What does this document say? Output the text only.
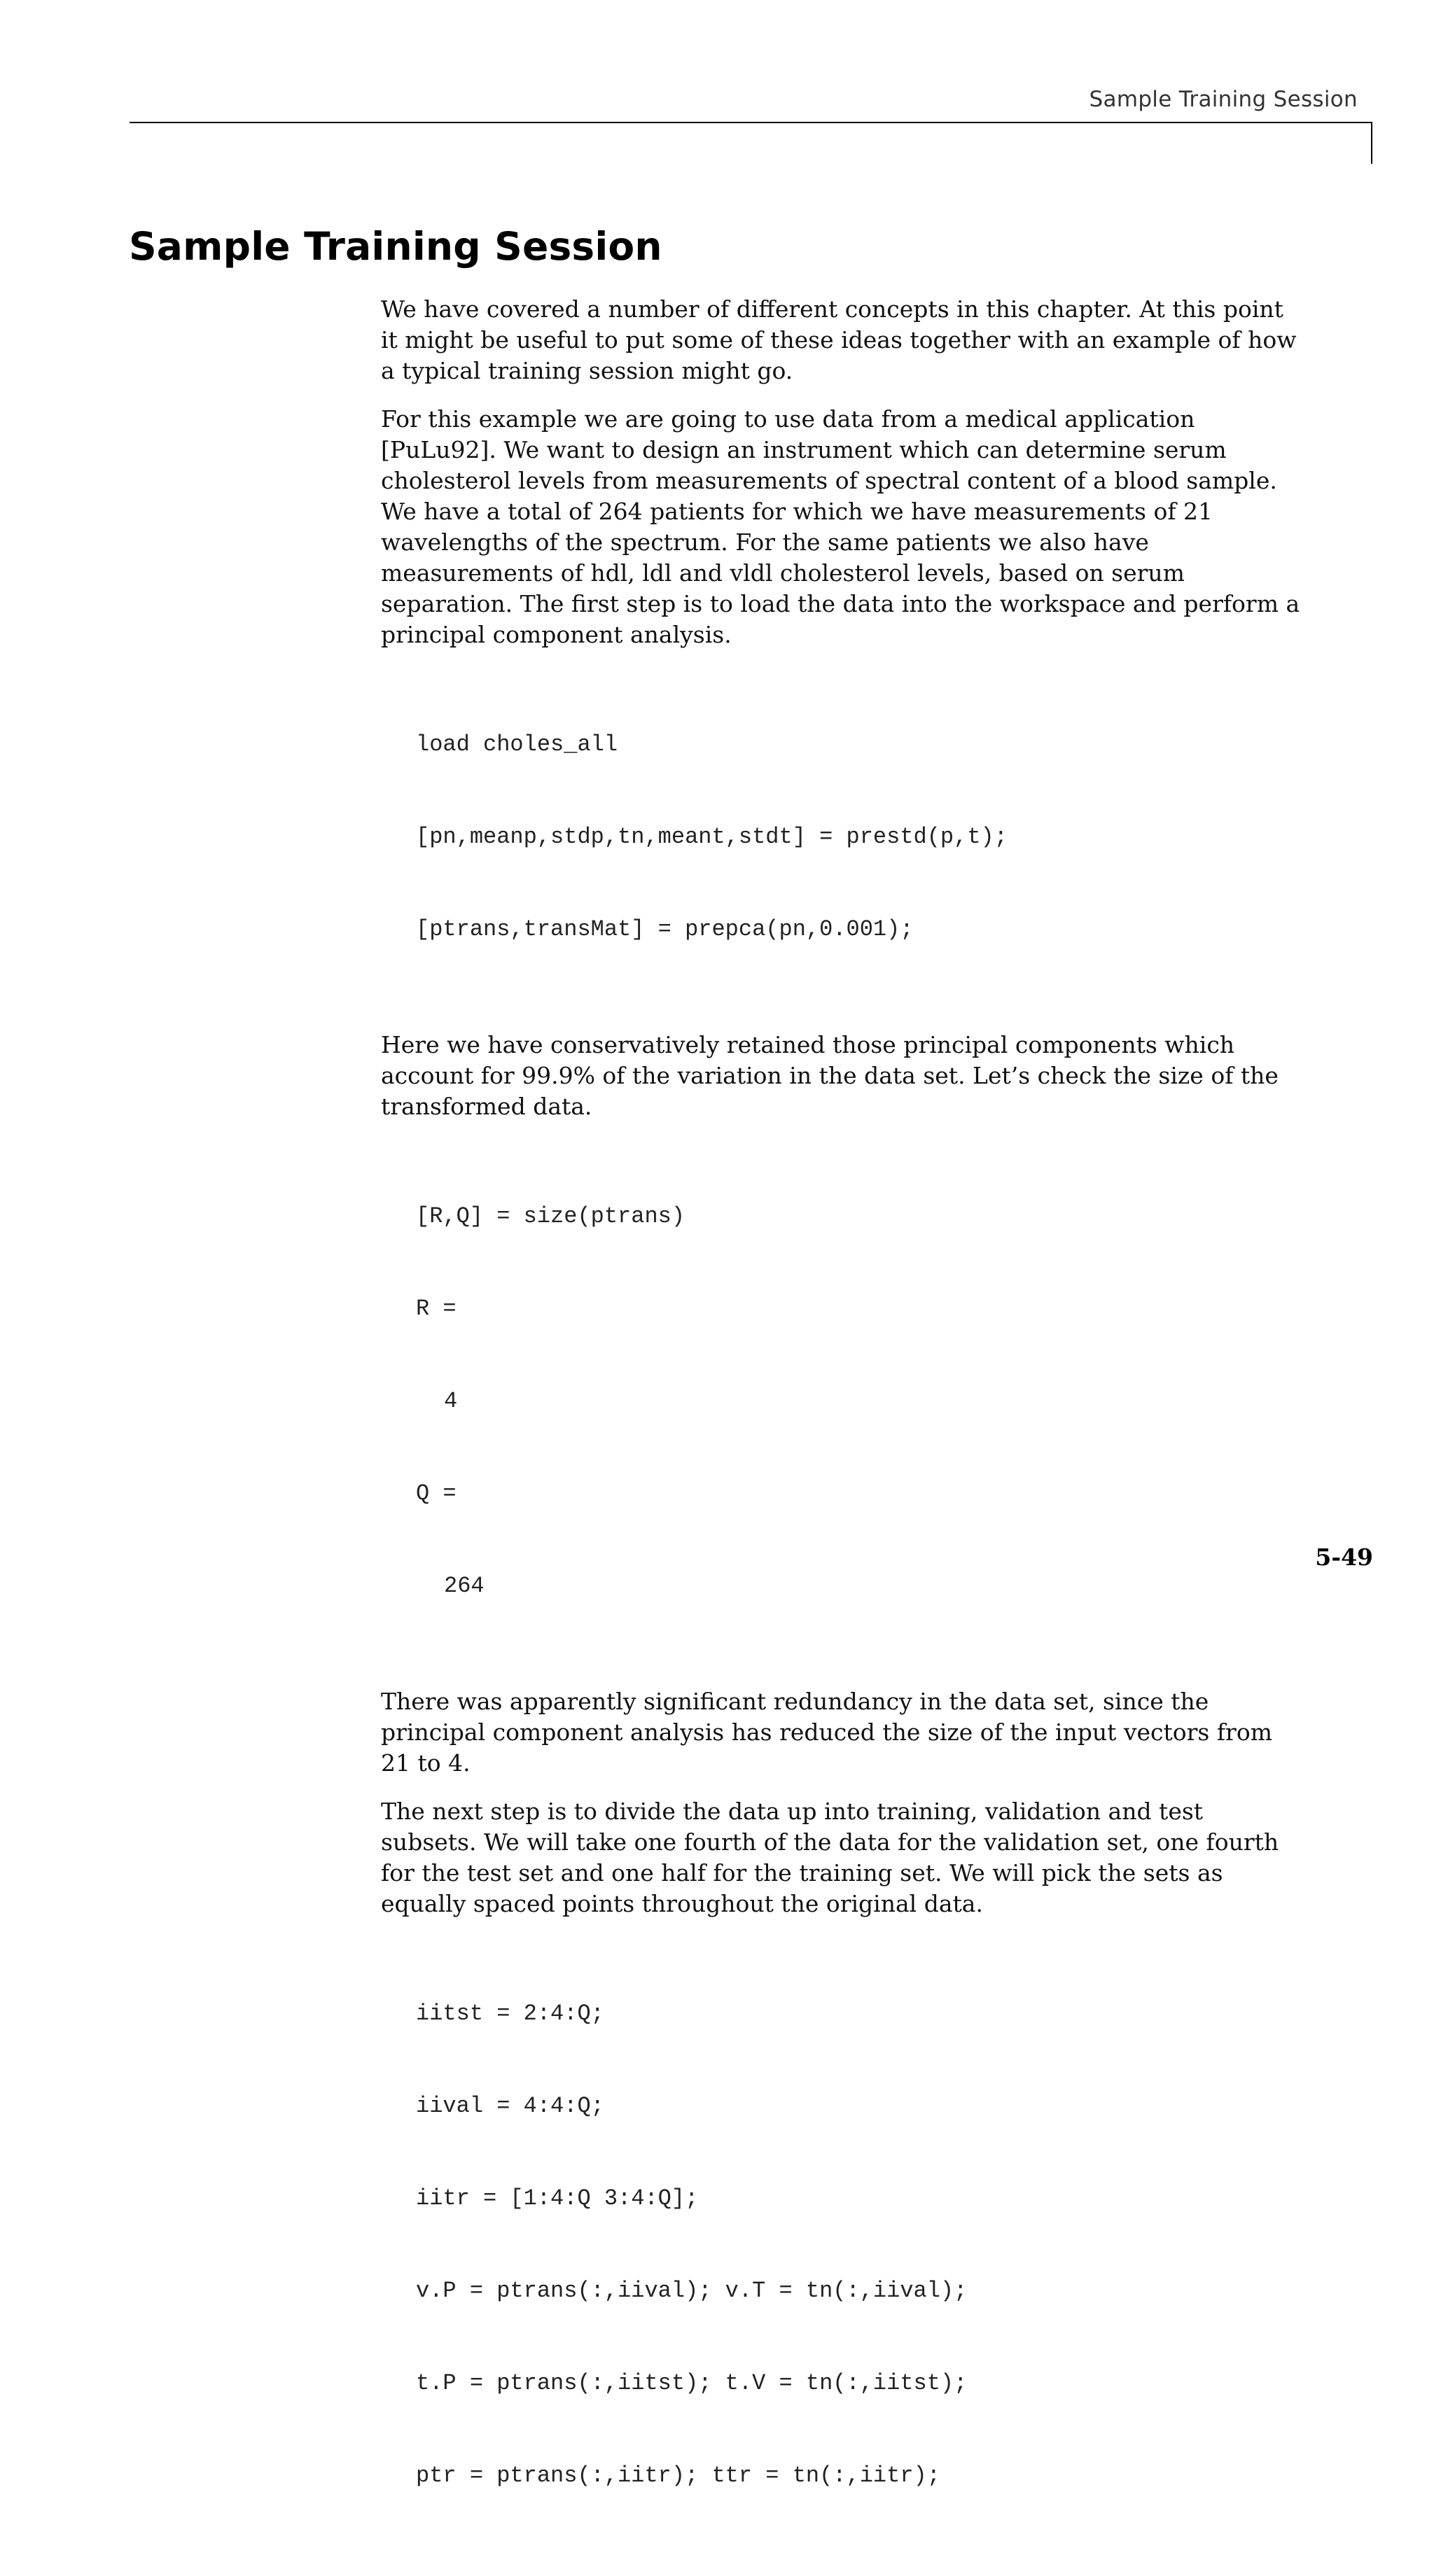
Sample Training Session
Sample Training Session

We have covered a number of different concepts in this chapter. At this point it might be useful to put some of these ideas together with an example of how a typical training session might go.

For this example we are going to use data from a medical application [PuLu92]. We want to design an instrument which can determine serum cholesterol levels from measurements of spectral content of a blood sample. We have a total of 264 patients for which we have measurements of 21 wavelengths of the spectrum. For the same patients we also have measurements of hdl, ldl and vldl cholesterol levels, based on serum separation. The first step is to load the data into the workspace and perform a principal component analysis.

load choles_all

[pn,meanp,stdp,tn,meant,stdt] = prestd(p,t);

[ptrans,transMat] = prepca(pn,0.001);

Here we have conservatively retained those principal components which account for 99.9% of the variation in the data set. Let’s check the size of the transformed data.

[R,Q] = size(ptrans)

R =

4

Q =

264

There was apparently significant redundancy in the data set, since the principal component analysis has reduced the size of the input vectors from 21 to 4.

The next step is to divide the data up into training, validation and test subsets. We will take one fourth of the data for the validation set, one fourth for the test set and one half for the training set. We will pick the sets as equally spaced points throughout the original data.

iitst = 2:4:Q;

iival = 4:4:Q;

iitr = [1:4:Q 3:4:Q];

v.P = ptrans(:,iival); v.T = tn(:,iival);

t.P = ptrans(:,iitst); t.V = tn(:,iitst);

ptr = ptrans(:,iitr); ttr = tn(:,iitr);

5-49
